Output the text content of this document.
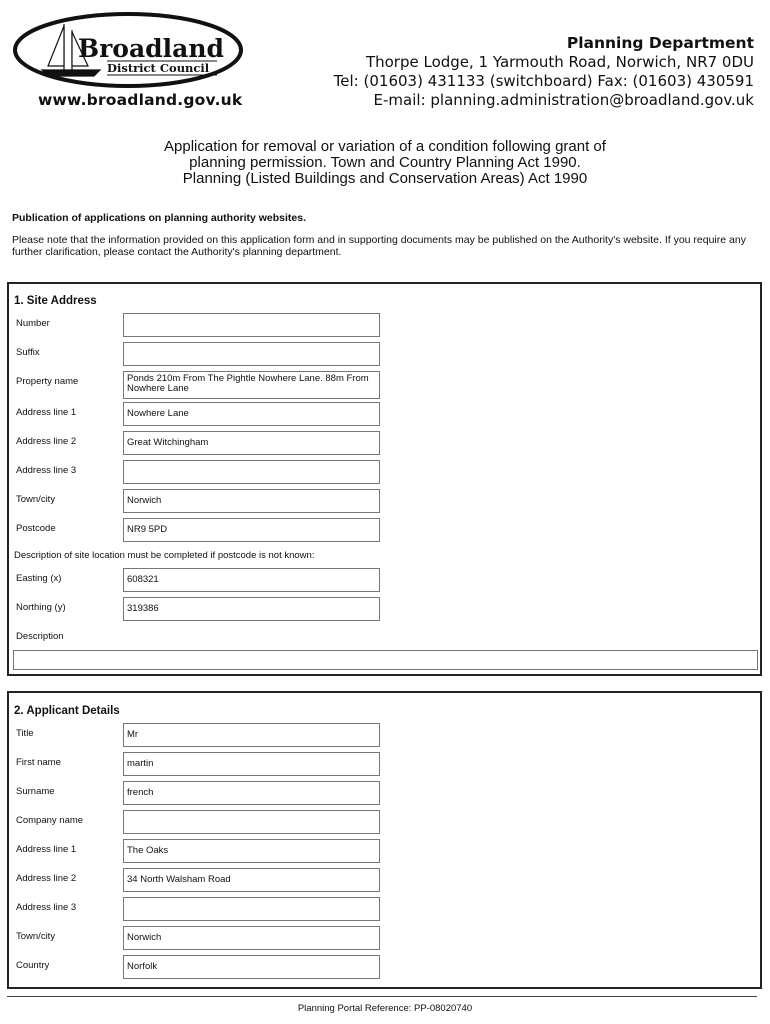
Broadland
District Council
www.broadland.gov.uk
Planning Department
Thorpe Lodge, 1 Yarmouth Road, Norwich, NR7 0DU
Tel: (01603) 431133 (switchboard) Fax: (01603) 430591
E-mail: planning.administration@broadland.gov.uk
Application for removal or variation of a condition following grant of
planning permission. Town and Country Planning Act 1990.
Planning (Listed Buildings and Conservation Areas) Act 1990
Publication of applications on planning authority websites.
Please note that the information provided on this application form and in supporting documents may be published on the Authority's website. If you require any further clarification, please contact the Authority's planning department.
1. Site Address
Number
Suffix
Property name	Ponds 210m From The Pightle Nowhere Lane. 88m From Nowhere Lane
Address line 1	Nowhere Lane
Address line 2	Great Witchingham
Address line 3
Town/city	Norwich
Postcode	NR9 5PD
Description of site location must be completed if postcode is not known:
Easting (x)	608321
Northing (y)	319386
Description
2. Applicant Details
Title	Mr
First name	martin
Surname	french
Company name
Address line 1	The Oaks
Address line 2	34 North Walsham Road
Address line 3
Town/city	Norwich
Country	Norfolk
Planning Portal Reference: PP-08020740
